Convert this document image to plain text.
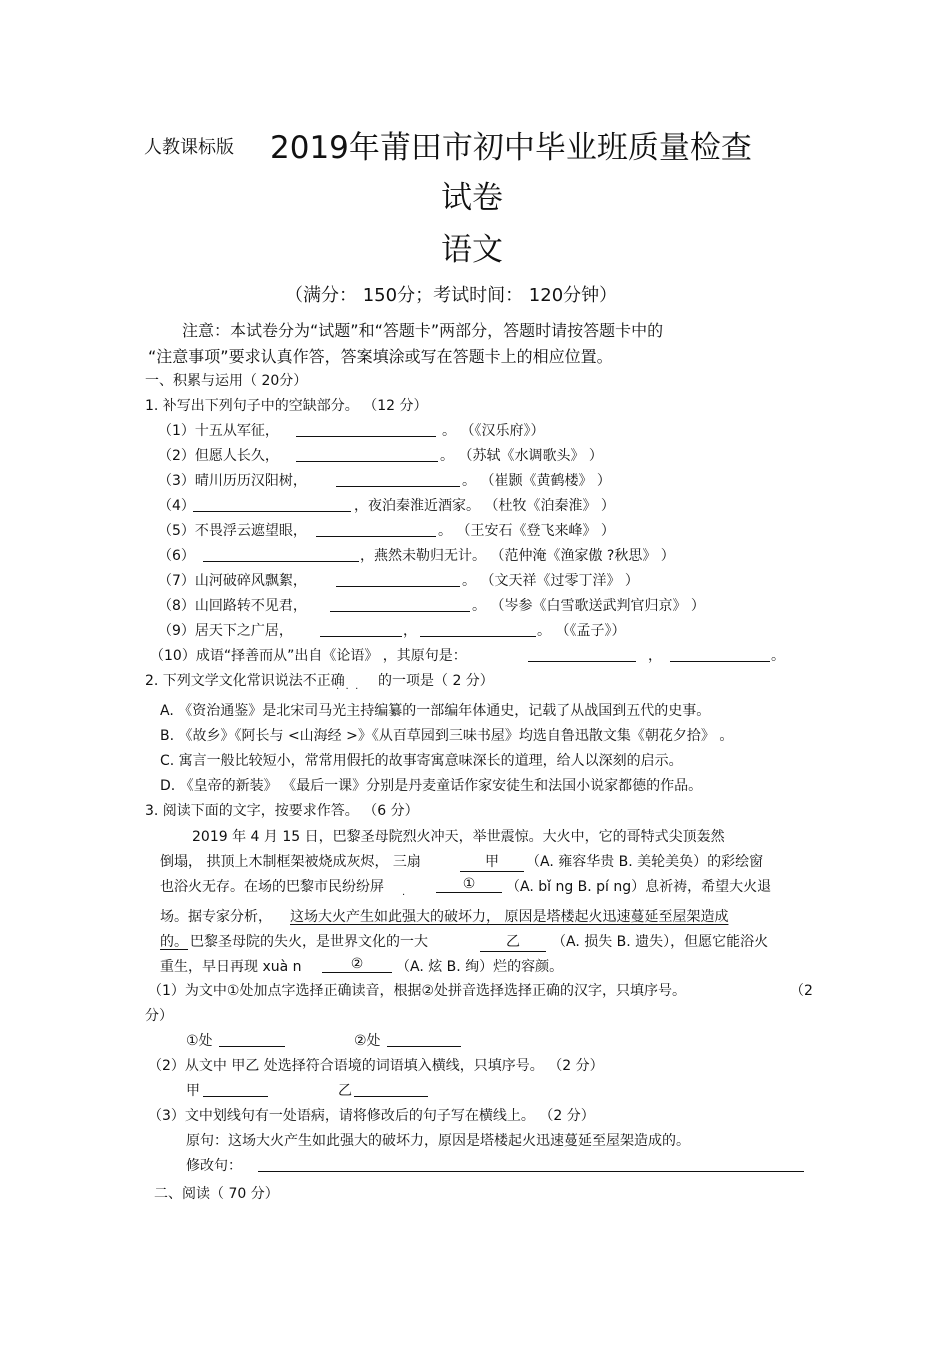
人教课标版 2019年莆田市初中毕业班质量检查
试卷
语文
（满分： 150分；考试时间： 120分钟）
注意：本试卷分为“试题”和“答题卡”两部分，答题时请按答题卡中的
“注意事项”要求认真作答，答案填涂或写在答题卡上的相应位置。
一、积累与运用（ 20分）
1. 补写出下列句子中的空缺部分。 （12 分）
（1）十五从军征，	。 （《汉乐府》）
（2）但愿人长久，	。 （苏轼《水调歌头》 ）
（3）晴川历历汉阳树，	。 （崔颢《黄鹤楼》 ）
（4）	，夜泊秦淮近酒家。 （杜牧《泊秦淮》 ）
（5）不畏浮云遮望眼，	。 （王安石《登飞来峰》 ）
（6）	，燕然未勒归无计。 （范仲淹《渔家傲 ?秋思》 ）
（7）山河破碎风飘絮，	。 （文天祥《过零丁洋》 ）
（8）山回路转不见君，	。 （岑参《白雪歌送武判官归京》 ）
（9）居天下之广居，	，	。 （《孟子》）
（10）成语“择善而从”出自《论语》 ，其原句是：	，	。
2. 下列文学文化常识说法不正确
·  ·  ·
的一项是（ 2 分）
A. 《资治通鉴》是北宋司马光主持编纂的一部编年体通史，记载了从战国到五代的史事。
B. 《故乡》《阿长与 <山海经 >》《从百草园到三味书屋》均选自鲁迅散文集《朝花夕拾》 。
C. 寓言一般比较短小，常常用假托的故事寄寓意味深长的道理，给人以深刻的启示。
D. 《皇帝的新装》 《最后一课》分别是丹麦童话作家安徒生和法国小说家都德的作品。
3. 阅读下面的文字，按要求作答。 （6 分）
2019 年 4 月 15 日，巴黎圣母院烈火冲天，举世震惊。大火中，它的哥特式尖顶轰然
倒塌， 拱顶上木制框架被烧成灰烬， 三扇	甲	（A. 雍容华贵 B. 美轮美奂）的彩绘窗
也浴火无存。在场的巴黎市民纷纷屏
·
①	（A. bǐ ng B. pí ng）息祈祷，希望大火退
场。据专家分析， 这场大火产生如此强大的破坏力， 原因是塔楼起火迅速蔓延至屋架造成
的。 巴黎圣母院的失火，是世界文化的一大	乙	（A. 损失 B. 遗失），但愿它能浴火
重生，早日再现 xuà n	②	（A. 炫 B. 绚）烂的容颜。
（1）为文中①处加点字选择正确读音，根据②处拼音选择选择正确的汉字，只填序号。	（2
分）
①处	②处
（2）从文中 甲乙 处选择符合语境的词语填入横线，只填序号。 （2 分）
甲	乙
（3）文中划线句有一处语病，请将修改后的句子写在横线上。 （2 分）
原句：这场大火产生如此强大的破坏力，原因是塔楼起火迅速蔓延至屋架造成的。
修改句：
二、阅读（ 70 分）
